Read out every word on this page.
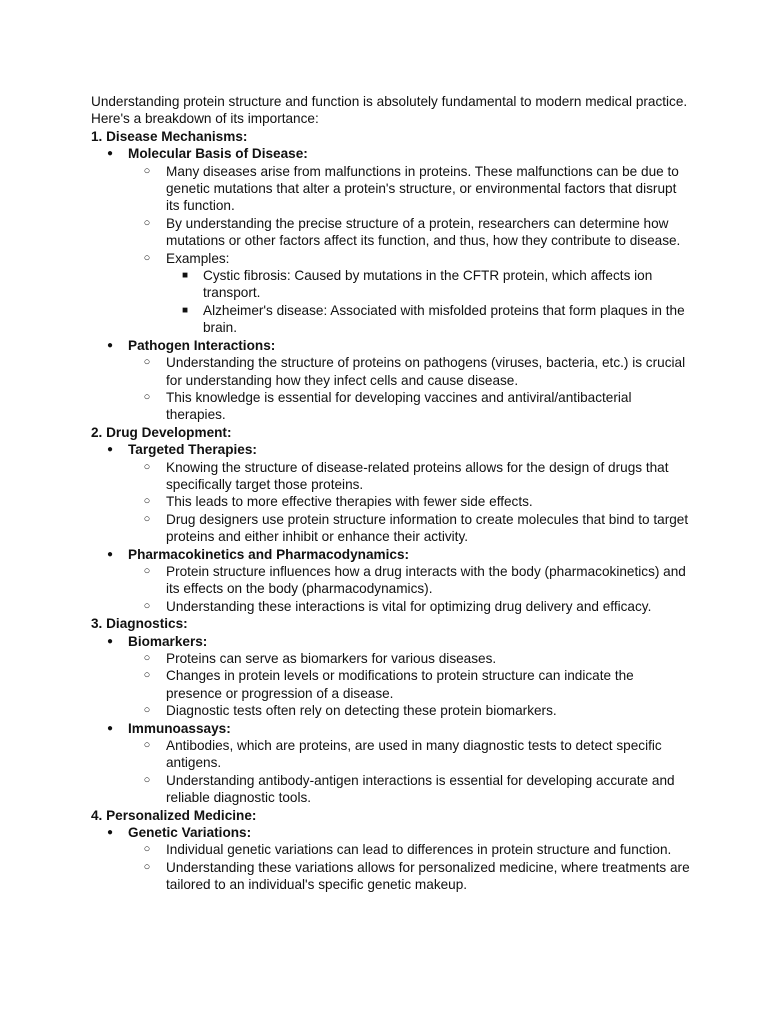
Understanding protein structure and function is absolutely fundamental to modern medical practice. Here's a breakdown of its importance:

1. Disease Mechanisms:
● Molecular Basis of Disease:
○ Many diseases arise from malfunctions in proteins. These malfunctions can be due to genetic mutations that alter a protein's structure, or environmental factors that disrupt its function.
○ By understanding the precise structure of a protein, researchers can determine how mutations or other factors affect its function, and thus, how they contribute to disease.
○ Examples:
■ Cystic fibrosis: Caused by mutations in the CFTR protein, which affects ion transport.
■ Alzheimer's disease: Associated with misfolded proteins that form plaques in the brain.
● Pathogen Interactions:
○ Understanding the structure of proteins on pathogens (viruses, bacteria, etc.) is crucial for understanding how they infect cells and cause disease.
○ This knowledge is essential for developing vaccines and antiviral/antibacterial therapies.
2. Drug Development:
● Targeted Therapies:
○ Knowing the structure of disease-related proteins allows for the design of drugs that specifically target those proteins.
○ This leads to more effective therapies with fewer side effects.
○ Drug designers use protein structure information to create molecules that bind to target proteins and either inhibit or enhance their activity.
● Pharmacokinetics and Pharmacodynamics:
○ Protein structure influences how a drug interacts with the body (pharmacokinetics) and its effects on the body (pharmacodynamics).
○ Understanding these interactions is vital for optimizing drug delivery and efficacy.
3. Diagnostics:
● Biomarkers:
○ Proteins can serve as biomarkers for various diseases.
○ Changes in protein levels or modifications to protein structure can indicate the presence or progression of a disease.
○ Diagnostic tests often rely on detecting these protein biomarkers.
● Immunoassays:
○ Antibodies, which are proteins, are used in many diagnostic tests to detect specific antigens.
○ Understanding antibody-antigen interactions is essential for developing accurate and reliable diagnostic tools.
4. Personalized Medicine:
● Genetic Variations:
○ Individual genetic variations can lead to differences in protein structure and function.
○ Understanding these variations allows for personalized medicine, where treatments are tailored to an individual's specific genetic makeup.
